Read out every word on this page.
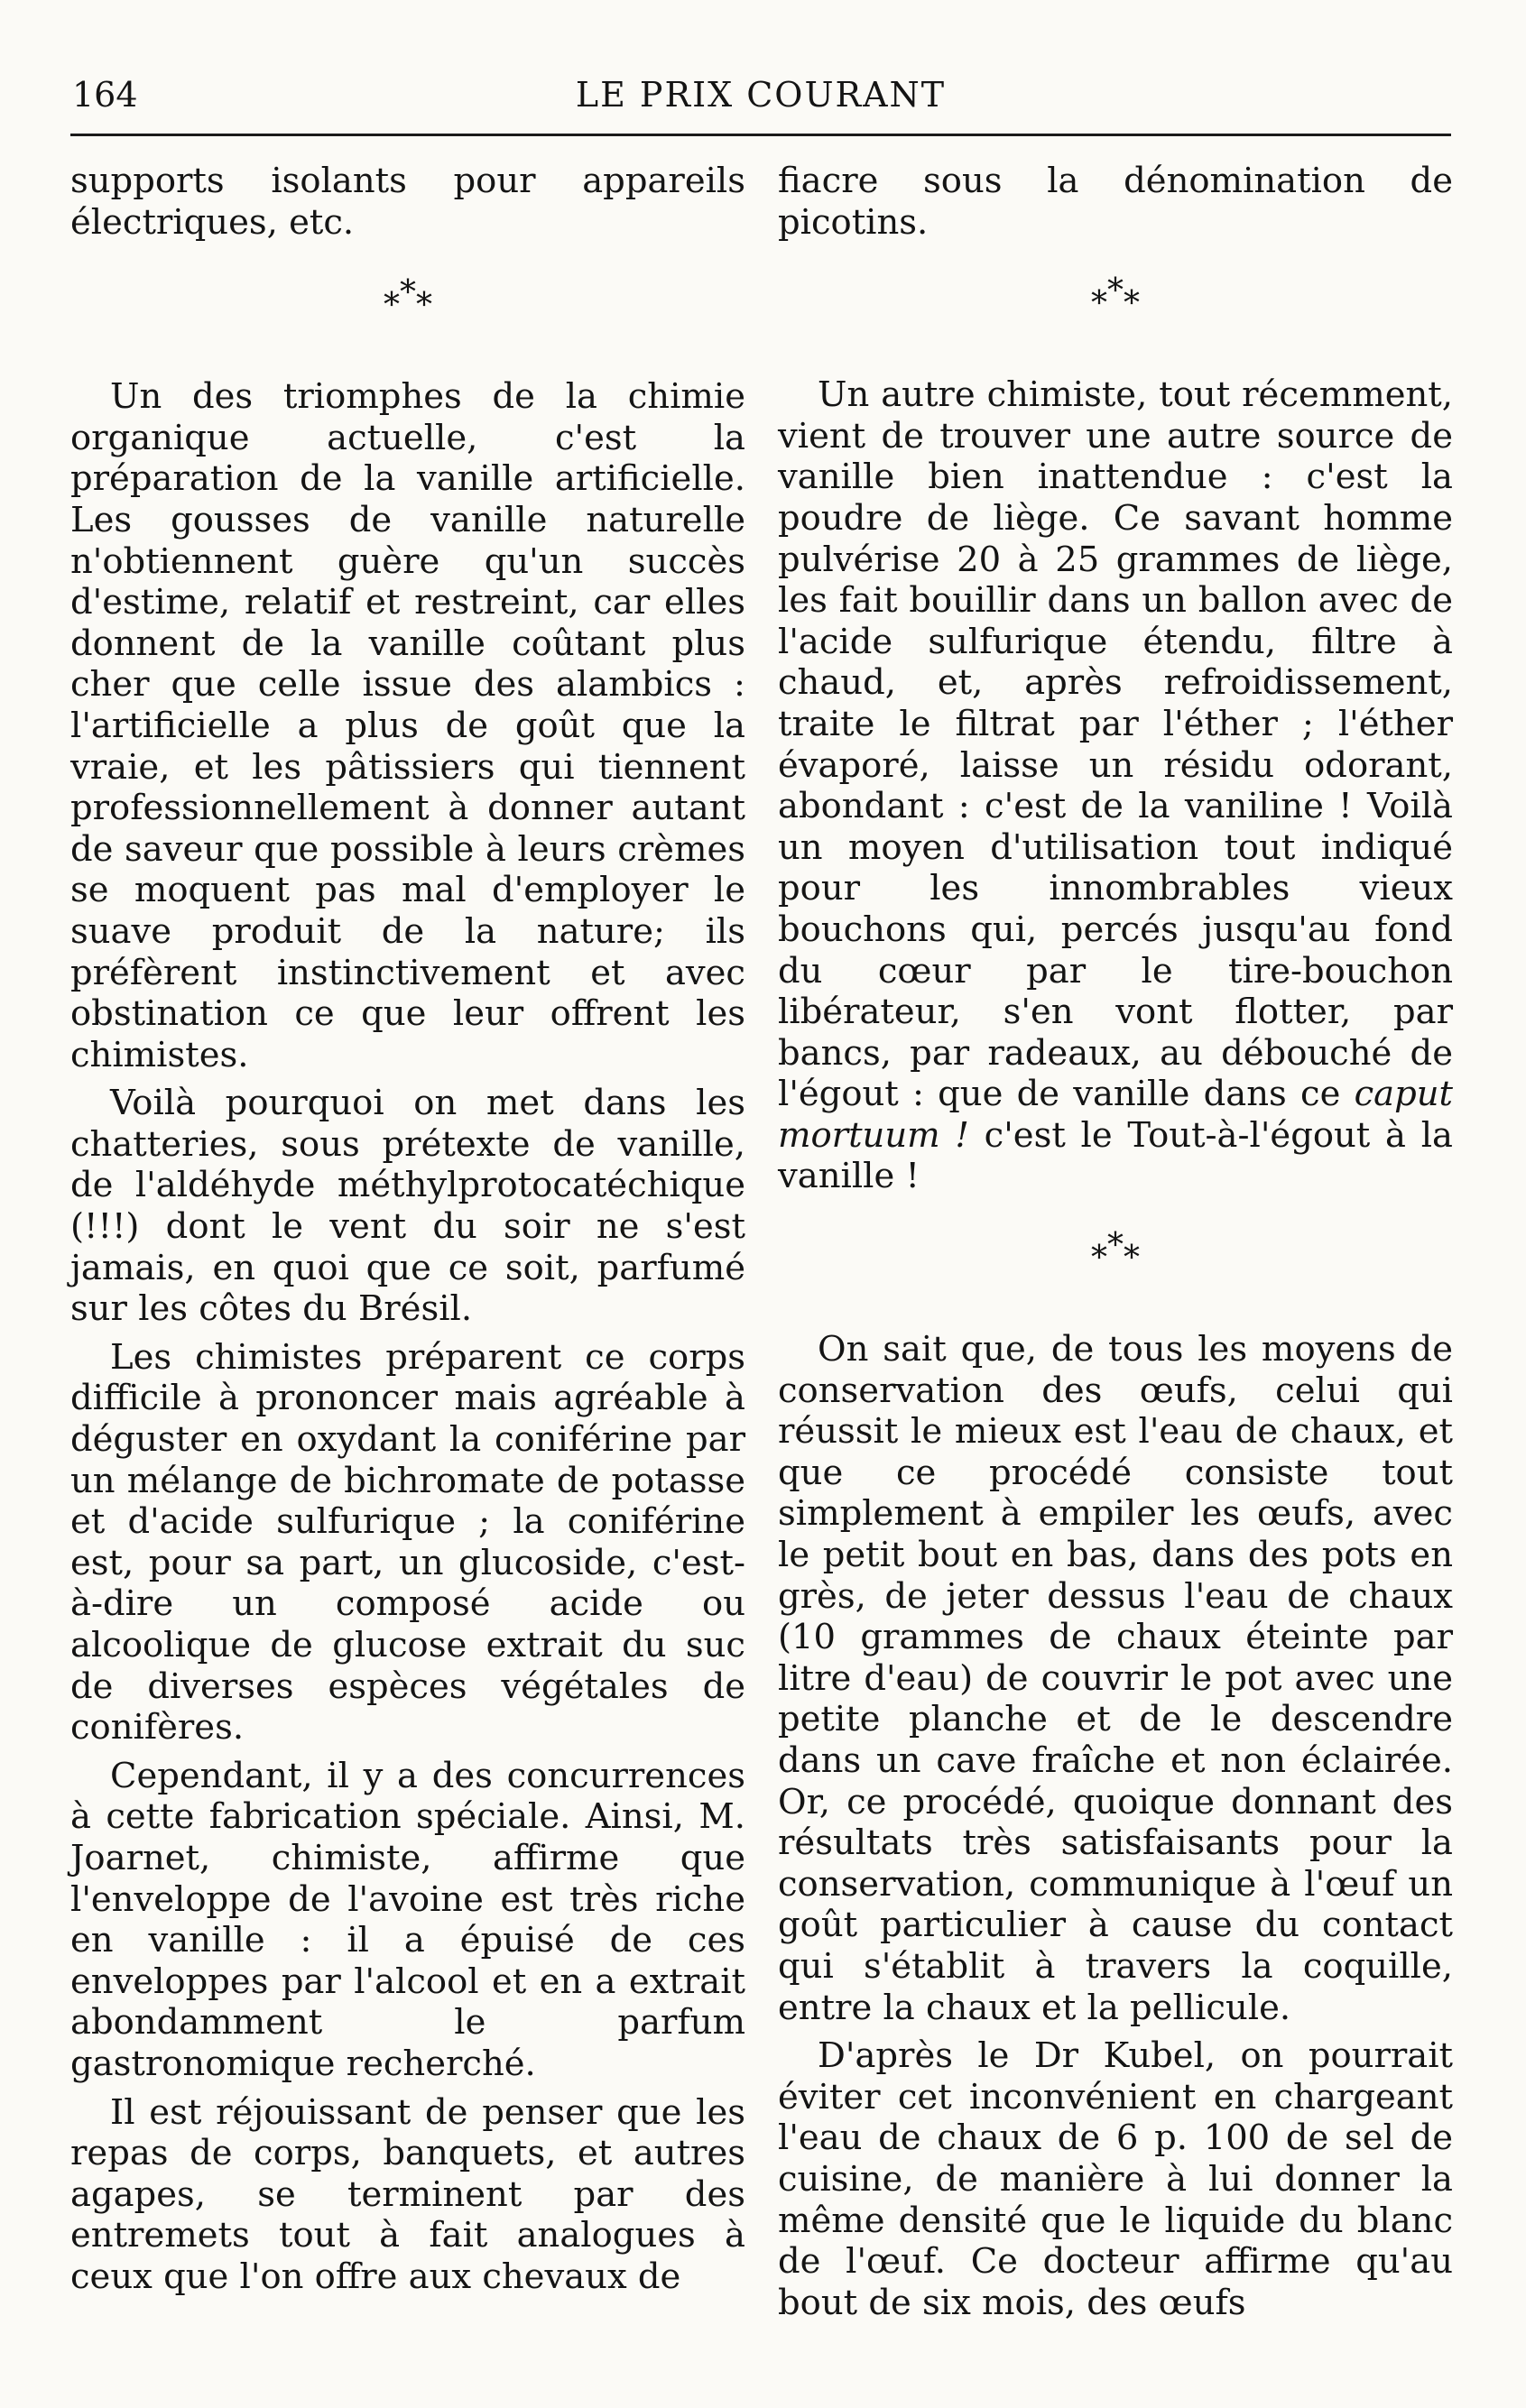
164	LE PRIX COURANT

supports isolants pour appareils électriques, etc.

***

Un des triomphes de la chimie organique actuelle, c'est la préparation de la vanille artificielle. Les gousses de vanille naturelle n'obtiennent guère qu'un succès d'estime, relatif et restreint, car elles donnent de la vanille coûtant plus cher que celle issue des alambics : l'artificielle a plus de goût que la vraie, et les pâtissiers qui tiennent professionnellement à donner autant de saveur que possible à leurs crèmes se moquent pas mal d'employer le suave produit de la nature; ils préfèrent instinctivement et avec obstination ce que leur offrent les chimistes.

Voilà pourquoi on met dans les chatteries, sous prétexte de vanille, de l'aldéhyde méthylprotocatéchique (!!!) dont le vent du soir ne s'est jamais, en quoi que ce soit, parfumé sur les côtes du Brésil.

Les chimistes préparent ce corps difficile à prononcer mais agréable à déguster en oxydant la coniférine par un mélange de bichromate de potasse et d'acide sulfurique ; la coniférine est, pour sa part, un glucoside, c'est-à-dire un composé acide ou alcoolique de glucose extrait du suc de diverses espèces végétales de conifères.

Cependant, il y a des concurrences à cette fabrication spéciale. Ainsi, M. Joarnet, chimiste, affirme que l'enveloppe de l'avoine est très riche en vanille : il a épuisé de ces enveloppes par l'alcool et en a extrait abondamment le parfum gastronomique recherché.

Il est réjouissant de penser que les repas de corps, banquets, et autres agapes, se terminent par des entremets tout à fait analogues à ceux que l'on offre aux chevaux de

fiacre sous la dénomination de picotins.

***

Un autre chimiste, tout récemment, vient de trouver une autre source de vanille bien inattendue : c'est la poudre de liège. Ce savant homme pulvérise 20 à 25 grammes de liège, les fait bouillir dans un ballon avec de l'acide sulfurique étendu, filtre à chaud, et, après refroidissement, traite le filtrat par l'éther ; l'éther évaporé, laisse un résidu odorant, abondant : c'est de la vaniline ! Voilà un moyen d'utilisation tout indiqué pour les innombrables vieux bouchons qui, percés jusqu'au fond du cœur par le tire-bouchon libérateur, s'en vont flotter, par bancs, par radeaux, au débouché de l'égout : que de vanille dans ce caput mortuum ! c'est le Tout-à-l'égout à la vanille !

***

On sait que, de tous les moyens de conservation des œufs, celui qui réussit le mieux est l'eau de chaux, et que ce procédé consiste tout simplement à empiler les œufs, avec le petit bout en bas, dans des pots en grès, de jeter dessus l'eau de chaux (10 grammes de chaux éteinte par litre d'eau) de couvrir le pot avec une petite planche et de le descendre dans un cave fraîche et non éclairée. Or, ce procédé, quoique donnant des résultats très satisfaisants pour la conservation, communique à l'œuf un goût particulier à cause du contact qui s'établit à travers la coquille, entre la chaux et la pellicule.

D'après le Dr Kubel, on pourrait éviter cet inconvénient en chargeant l'eau de chaux de 6 p. 100 de sel de cuisine, de manière à lui donner la même densité que le liquide du blanc de l'œuf. Ce docteur affirme qu'au bout de six mois, des œufs
